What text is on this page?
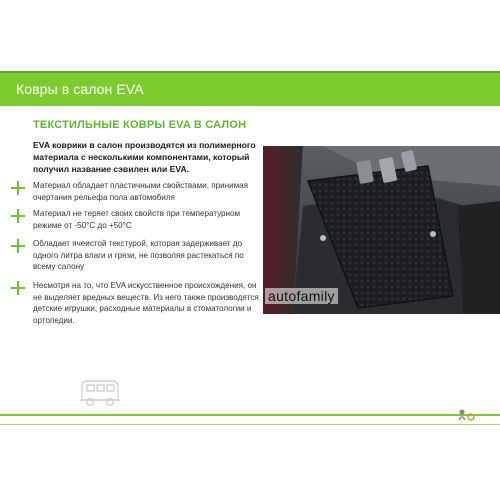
Ковры в салон EVA
ТЕКСТИЛЬНЫЕ КОВРЫ EVA В САЛОН
EVA коврики в салон производятся из полимерного материала с несколькими компонентами, который получил название сэвилен или EVA.
Материал обладает пластичными свойствами, принимая очертания рельефа пола автомобиля
Материал не теряет своих свойств при температурном режиме от -50°С до +50°С
Обладает ячеистой текстурой, которая задерживает до одного литра влаги и грязи, не позволяя растекаться по всему салону
Несмотря на то, что EVA искусственное происхождения, он не выделяет вредных веществ. Из него также производятся детские игрушки, расходные материалы в стоматологии и ортопедии.
autofamily
